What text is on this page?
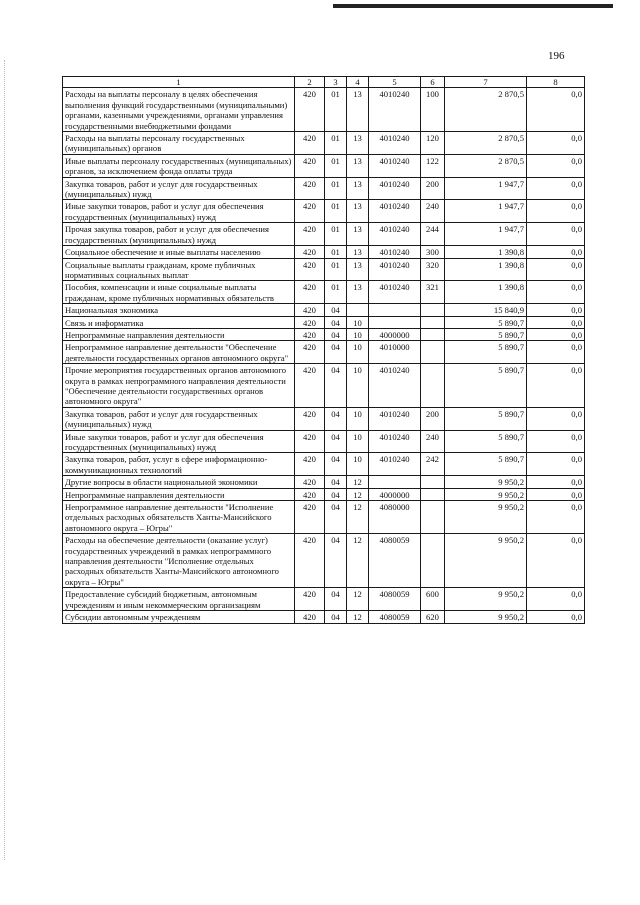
196
1	2	3	4	5	6	7	8
Расходы на выплаты персоналу в целях обеспечения выполнения функций государственными (муниципальными) органами, казенными учреждениями, органами управления государственными внебюджетными фондами	420	01	13	4010240	100	2 870,5	0,0
Расходы на выплаты персоналу государственных (муниципальных) органов	420	01	13	4010240	120	2 870,5	0,0
Иные выплаты персоналу государственных (муниципальных) органов, за исключением фонда оплаты труда	420	01	13	4010240	122	2 870,5	0,0
Закупка товаров, работ и услуг для государственных (муниципальных) нужд	420	01	13	4010240	200	1 947,7	0,0
Иные закупки товаров, работ и услуг для обеспечения государственных (муниципальных) нужд	420	01	13	4010240	240	1 947,7	0,0
Прочая закупка товаров, работ и услуг для обеспечения государственных (муниципальных) нужд	420	01	13	4010240	244	1 947,7	0,0
Социальное обеспечение и иные выплаты населению	420	01	13	4010240	300	1 390,8	0,0
Социальные выплаты гражданам, кроме публичных нормативных социальных выплат	420	01	13	4010240	320	1 390,8	0,0
Пособия, компенсации и иные социальные выплаты гражданам, кроме публичных нормативных обязательств	420	01	13	4010240	321	1 390,8	0,0
Национальная экономика	420	04				15 840,9	0,0
Связь и информатика	420	04	10			5 890,7	0,0
Непрограммные направления деятельности	420	04	10	4000000		5 890,7	0,0
Непрограммное направление деятельности "Обеспечение деятельности государственных органов автономного округа"	420	04	10	4010000		5 890,7	0,0
Прочие мероприятия государственных органов автономного округа в рамках непрограммного направления деятельности "Обеспечение деятельности государственных органов автономного округа"	420	04	10	4010240		5 890,7	0,0
Закупка товаров, работ и услуг для государственных (муниципальных) нужд	420	04	10	4010240	200	5 890,7	0,0
Иные закупки товаров, работ и услуг для обеспечения государственных (муниципальных) нужд	420	04	10	4010240	240	5 890,7	0,0
Закупка товаров, работ, услуг в сфере информационно-коммуникационных технологий	420	04	10	4010240	242	5 890,7	0,0
Другие вопросы в области национальной экономики	420	04	12			9 950,2	0,0
Непрограммные направления деятельности	420	04	12	4000000		9 950,2	0,0
Непрограммное направление деятельности "Исполнение отдельных расходных обязательств Ханты-Мансийского автономного округа – Югры"	420	04	12	4080000		9 950,2	0,0
Расходы на обеспечение деятельности (оказание услуг) государственных учреждений в рамках непрограммного направления деятельности "Исполнение отдельных расходных обязательств Ханты-Мансийского автономного округа – Югры"	420	04	12	4080059		9 950,2	0,0
Предоставление субсидий бюджетным, автономным учреждениям и иным некоммерческим организациям	420	04	12	4080059	600	9 950,2	0,0
Субсидии автономным учреждениям	420	04	12	4080059	620	9 950,2	0,0
